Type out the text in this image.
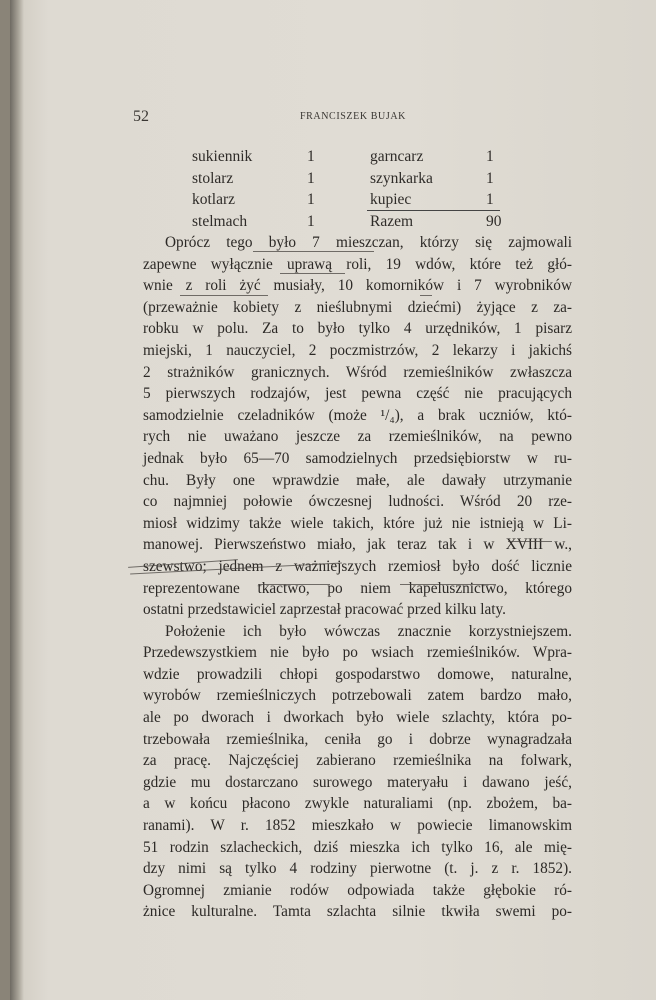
52	FRANCISZEK BUJAK
sukiennik	1	garncarz	1
stolarz	1	szynkarka	1
kotlarz	1	kupiec	1
stelmach	1	Razem	90
Oprócz tego było 7 mieszczan, którzy się zajmowali
zapewne wyłącznie uprawą roli, 19 wdów, które też głó-
wnie z roli żyć musiały, 10 komorników i 7 wyrobników
(przeważnie kobiety z nieślubnymi dziećmi) żyjące z za-
robku w polu. Za to było tylko 4 urzędników, 1 pisarz
miejski, 1 nauczyciel, 2 poczmistrzów, 2 lekarzy i jakichś
2 strażników granicznych. Wśród rzemieślników zwłaszcza
5 pierwszych rodzajów, jest pewna część nie pracujących
samodzielnie czeladników (może ¹/₄), a brak uczniów, któ-
rych nie uważano jeszcze za rzemieślników, na pewno
jednak było 65—70 samodzielnych przedsiębiorstw w ru-
chu. Były one wprawdzie małe, ale dawały utrzymanie
co najmniej połowie ówczesnej ludności. Wśród 20 rze-
miosł widzimy także wiele takich, które już nie istnieją w Li-
manowej. Pierwszeństwo miało, jak teraz tak i w XVIII w.,
szewstwo; jednem z ważniejszych rzemiosł było dość licznie
reprezentowane tkactwo, po niem kapelusznictwo, którego
ostatni przedstawiciel zaprzestał pracować przed kilku laty.
Położenie ich było wówczas znacznie korzystniejszem.
Przedewszystkiem nie było po wsiach rzemieślników. Wpra-
wdzie prowadzili chłopi gospodarstwo domowe, naturalne,
wyrobów rzemieślniczych potrzebowali zatem bardzo mało,
ale po dworach i dworkach było wiele szlachty, która po-
trzebowała rzemieślnika, ceniła go i dobrze wynagradzała
za pracę. Najczęściej zabierano rzemieślnika na folwark,
gdzie mu dostarczano surowego materyału i dawano jeść,
a w końcu płacono zwykle naturaliami (np. zbożem, ba-
ranami). W r. 1852 mieszkało w powiecie limanowskim
51 rodzin szlacheckich, dziś mieszka ich tylko 16, ale mię-
dzy nimi są tylko 4 rodziny pierwotne (t. j. z r. 1852).
Ogromnej zmianie rodów odpowiada także głębokie ró-
żnice kulturalne. Tamta szlachta silnie tkwiła swemi po-
